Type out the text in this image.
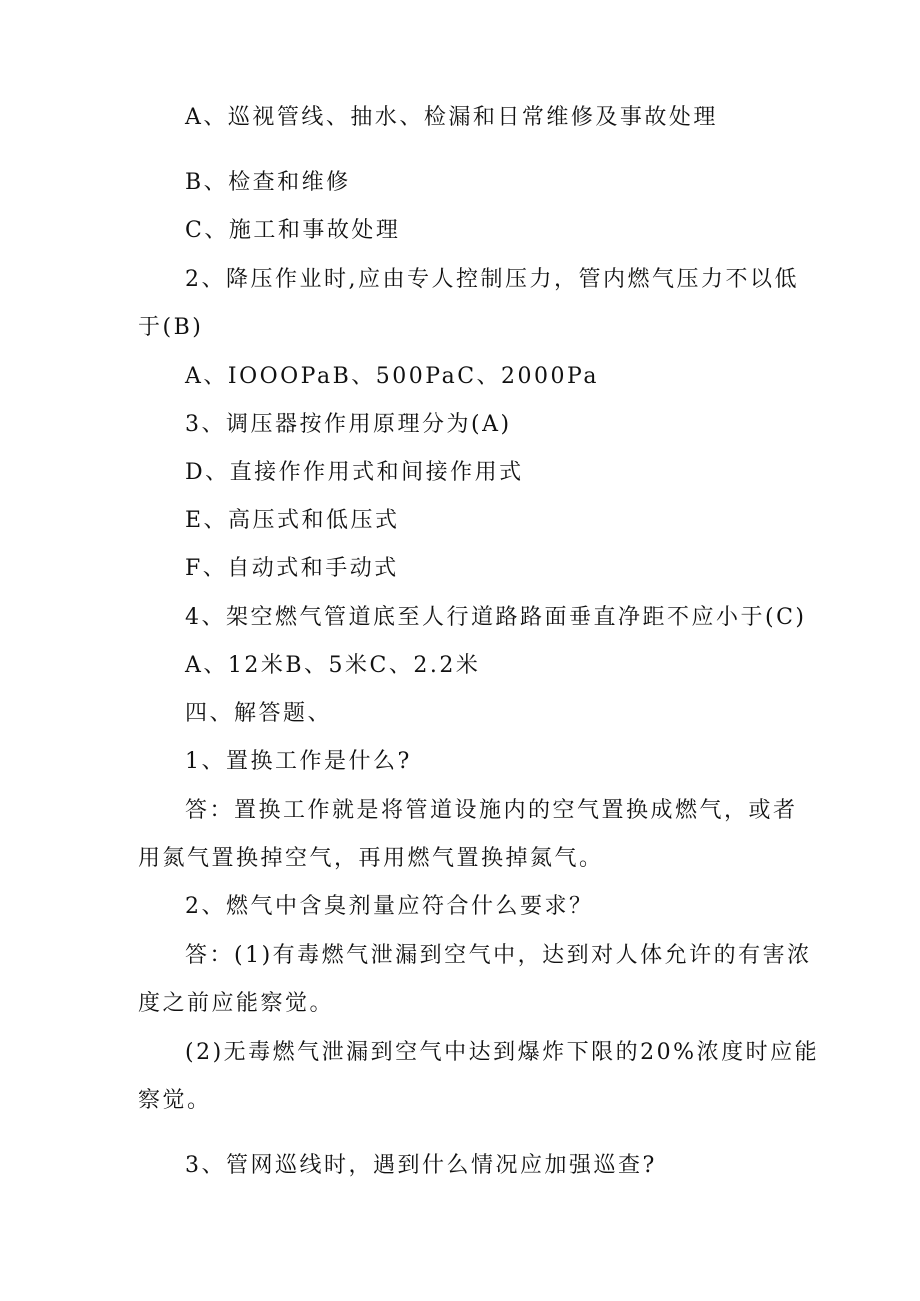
A、巡视管线、抽水、检漏和日常维修及事故处理
B、检查和维修
C、施工和事故处理
2、降压作业时,应由专人控制压力，管内燃气压力不以低
于(B)
A、IOOOPaB、500PaC、2000Pa
3、调压器按作用原理分为(A)
D、直接作作用式和间接作用式
E、高压式和低压式
F、自动式和手动式
4、架空燃气管道底至人行道路路面垂直净距不应小于(C)
A、12米B、5米C、2.2米
四、解答题、
1、置换工作是什么?
答：置换工作就是将管道设施内的空气置换成燃气，或者
用氮气置换掉空气，再用燃气置换掉氮气。
2、燃气中含臭剂量应符合什么要求？
答：(1)有毒燃气泄漏到空气中，达到对人体允许的有害浓
度之前应能察觉。
(2)无毒燃气泄漏到空气中达到爆炸下限的20%浓度时应能
察觉。
3、管网巡线时，遇到什么情况应加强巡查?
